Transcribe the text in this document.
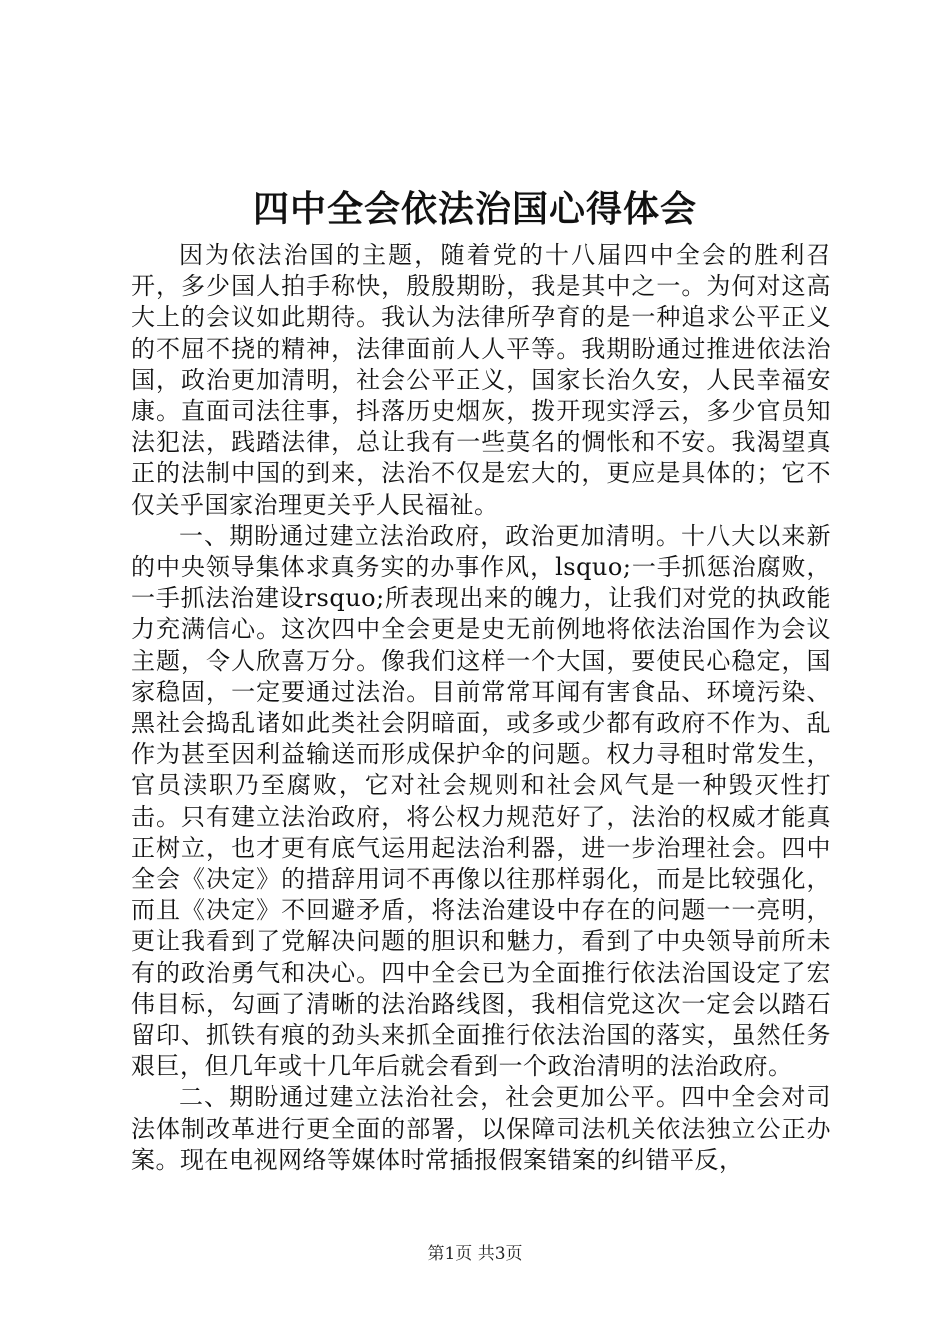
四中全会依法治国心得体会

因为依法治国的主题，随着党的十八届四中全会的胜利召开，多少国人拍手称快，殷殷期盼，我是其中之一。为何对这高大上的会议如此期待。我认为法律所孕育的是一种追求公平正义的不屈不挠的精神，法律面前人人平等。我期盼通过推进依法治国，政治更加清明，社会公平正义，国家长治久安，人民幸福安康。直面司法往事，抖落历史烟灰，拨开现实浮云，多少官员知法犯法，践踏法律，总让我有一些莫名的惆怅和不安。我渴望真正的法制中国的到来，法治不仅是宏大的，更应是具体的；它不仅关乎国家治理更关乎人民福祉。

一、期盼通过建立法治政府，政治更加清明。十八大以来新的中央领导集体求真务实的办事作风，lsquo;一手抓惩治腐败，一手抓法治建设rsquo;所表现出来的魄力，让我们对党的执政能力充满信心。这次四中全会更是史无前例地将依法治国作为会议主题，令人欣喜万分。像我们这样一个大国，要使民心稳定，国家稳固，一定要通过法治。目前常常耳闻有害食品、环境污染、黑社会捣乱诸如此类社会阴暗面，或多或少都有政府不作为、乱作为甚至因利益输送而形成保护伞的问题。权力寻租时常发生，官员渎职乃至腐败，它对社会规则和社会风气是一种毁灭性打击。只有建立法治政府，将公权力规范好了，法治的权威才能真正树立，也才更有底气运用起法治利器，进一步治理社会。四中全会《决定》的措辞用词不再像以往那样弱化，而是比较强化，而且《决定》不回避矛盾，将法治建设中存在的问题一一亮明，更让我看到了党解决问题的胆识和魅力，看到了中央领导前所未有的政治勇气和决心。四中全会已为全面推行依法治国设定了宏伟目标，勾画了清晰的法治路线图，我相信党这次一定会以踏石留印、抓铁有痕的劲头来抓全面推行依法治国的落实，虽然任务艰巨，但几年或十几年后就会看到一个政治清明的法治政府。

二、期盼通过建立法治社会，社会更加公平。四中全会对司法体制改革进行更全面的部署，以保障司法机关依法独立公正办案。现在电视网络等媒体时常插报假案错案的纠错平反，

第1页 共3页
